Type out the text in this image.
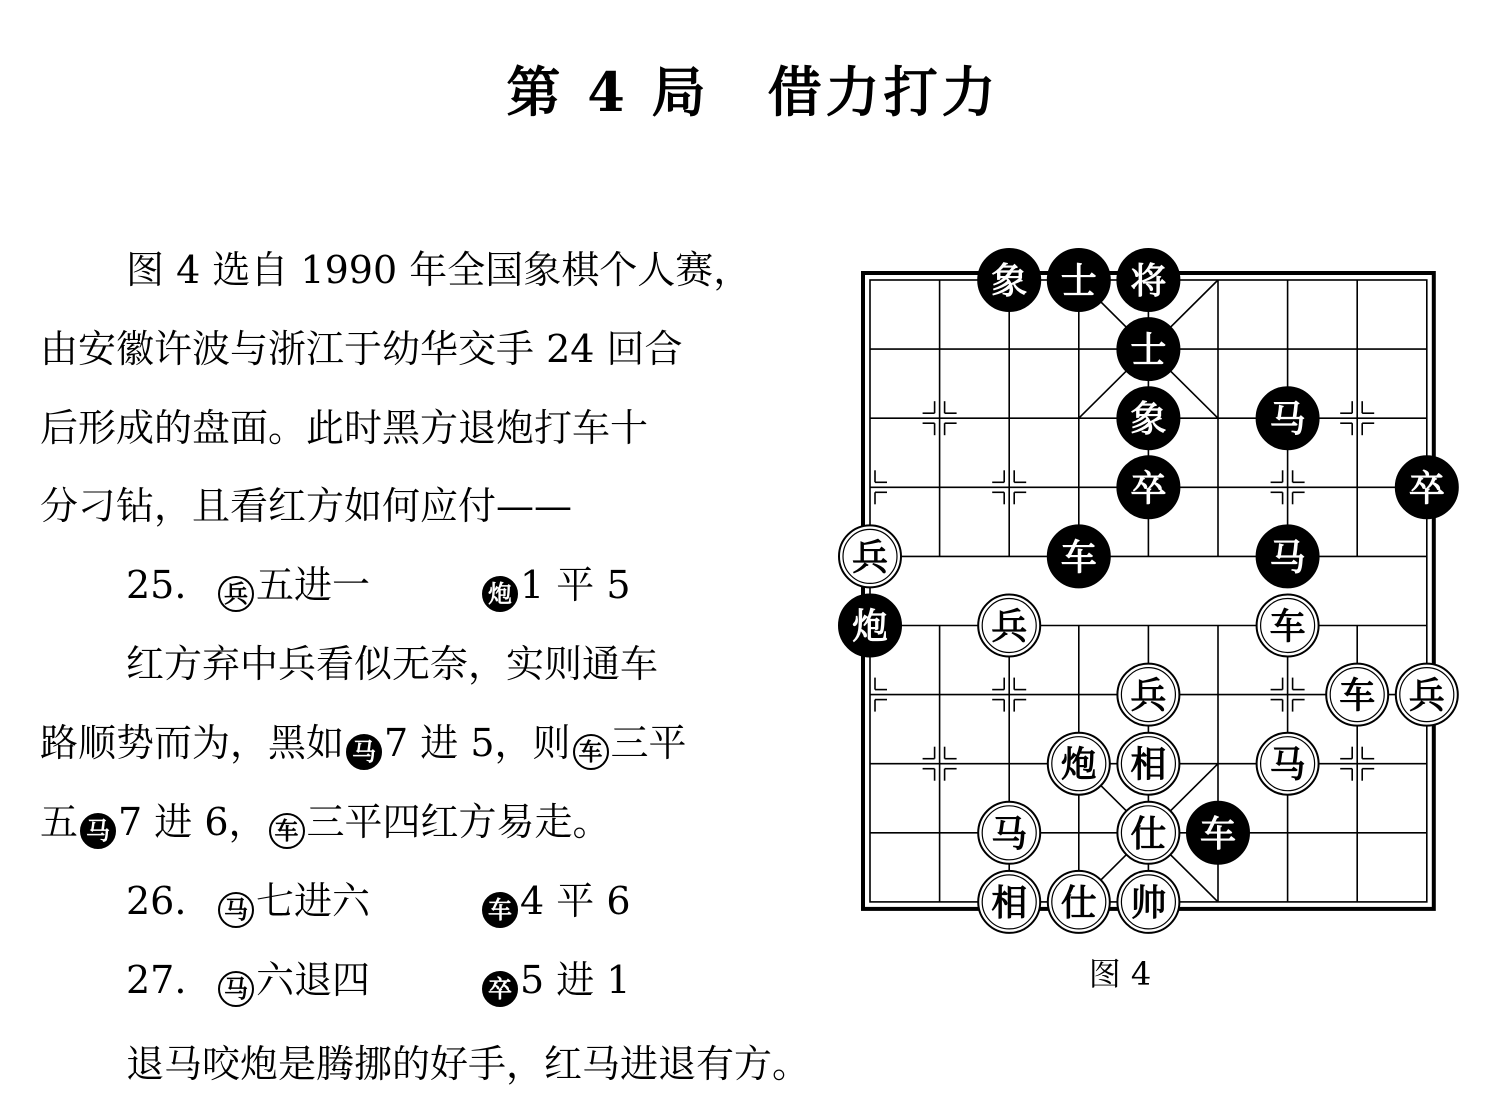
第 4 局 借力打力
图 4 选自 1990 年全国象棋个人赛，
由安徽许波与浙江于幼华交手 24 回合
后形成的盘面。此时黑方退炮打车十
分刁钻，且看红方如何应付——
25. 兵 五进一	炮 1 平 5
红方弃中兵看似无奈，实则通车
路顺势而为，黑如 马 7 进 5，则 车 三平
五 马 7 进 6， 车 三平四红方易走。
26. 马 七进六	车 4 平 6
27. 马 六退四	卒 5 进 1
退马咬炮是腾挪的好手，红马进退有方。
象 士 将
士
象	马
卒	卒
兵	车	马
炮	兵	车
兵	车 兵
炮 相	马
马	仕 车
相 仕 帅
图 4
